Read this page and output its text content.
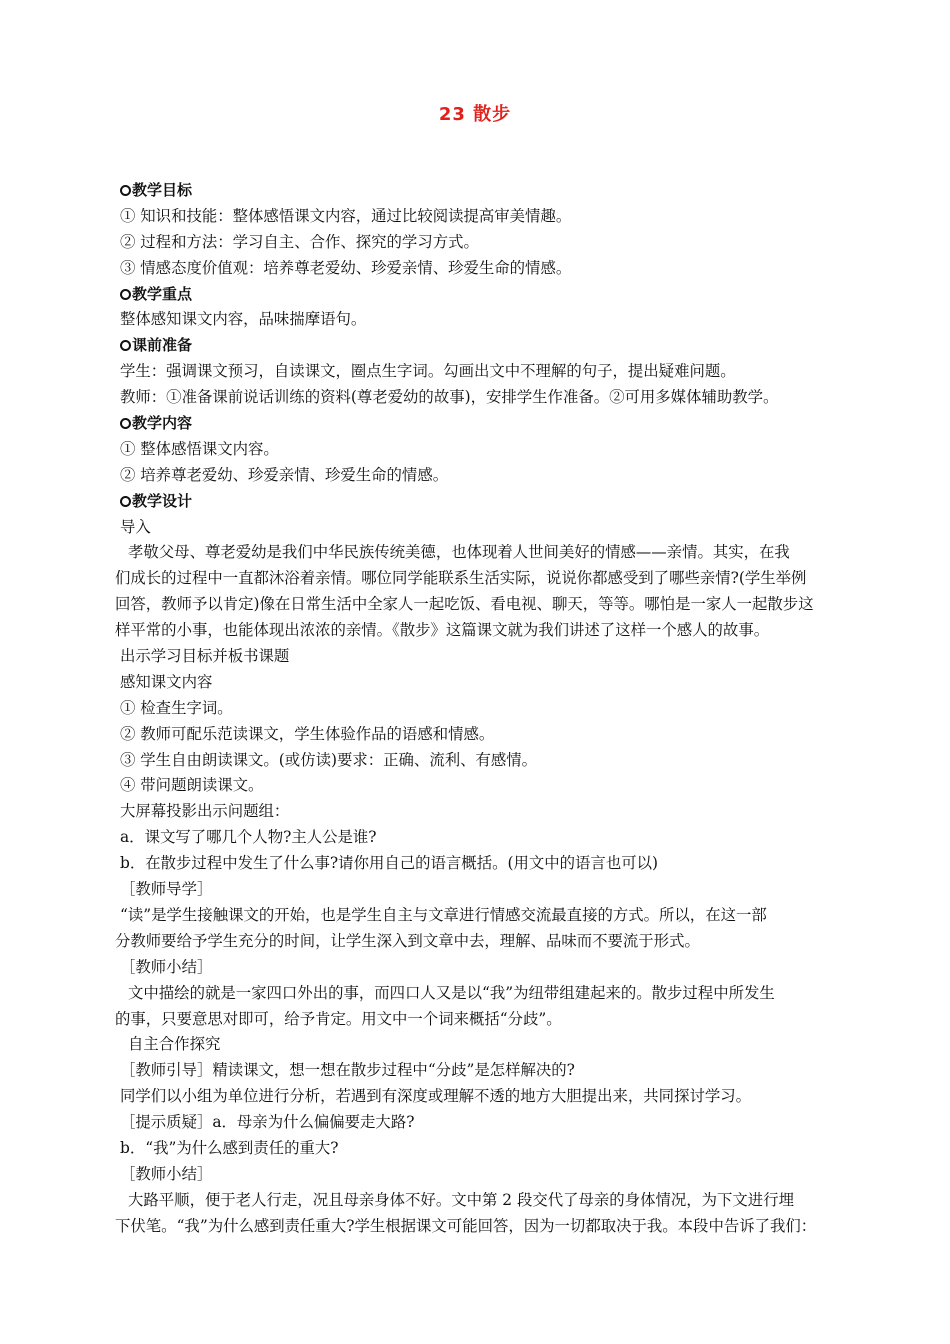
23 散步
教学目标
① 知识和技能：整体感悟课文内容，通过比较阅读提高审美情趣。
② 过程和方法：学习自主、合作、探究的学习方式。
③ 情感态度价值观：培养尊老爱幼、珍爱亲情、珍爱生命的情感。
教学重点
整体感知课文内容，品味揣摩语句。
课前准备
学生：强调课文预习，自读课文，圈点生字词。勾画出文中不理解的句子，提出疑难问题。
教师：①准备课前说话训练的资料(尊老爱幼的故事)，安排学生作准备。②可用多媒体辅助教学。
教学内容
① 整体感悟课文内容。
② 培养尊老爱幼、珍爱亲情、珍爱生命的情感。
教学设计
导入
孝敬父母、尊老爱幼是我们中华民族传统美德，也体现着人世间美好的情感——亲情。其实，在我
们成长的过程中一直都沐浴着亲情。哪位同学能联系生活实际，说说你都感受到了哪些亲情?(学生举例
回答，教师予以肯定)像在日常生活中全家人一起吃饭、看电视、聊天，等等。哪怕是一家人一起散步这
样平常的小事，也能体现出浓浓的亲情。《散步》这篇课文就为我们讲述了这样一个感人的故事。
出示学习目标并板书课题
感知课文内容
① 检查生字词。
② 教师可配乐范读课文，学生体验作品的语感和情感。
③ 学生自由朗读课文。(或仿读)要求：正确、流利、有感情。
④ 带问题朗读课文。
大屏幕投影出示问题组：
a．课文写了哪几个人物?主人公是谁?
b．在散步过程中发生了什么事?请你用自己的语言概括。(用文中的语言也可以)
［教师导学］
“读”是学生接触课文的开始，也是学生自主与文章进行情感交流最直接的方式。所以，在这一部
分教师要给予学生充分的时间，让学生深入到文章中去，理解、品味而不要流于形式。
［教师小结］
文中描绘的就是一家四口外出的事，而四口人又是以“我”为纽带组建起来的。散步过程中所发生
的事，只要意思对即可，给予肯定。用文中一个词来概括“分歧”。
自主合作探究
［教师引导］精读课文，想一想在散步过程中“分歧”是怎样解决的?
同学们以小组为单位进行分析，若遇到有深度或理解不透的地方大胆提出来，共同探讨学习。
［提示质疑］a．母亲为什么偏偏要走大路?
b．“我”为什么感到责任的重大?
［教师小结］
大路平顺，便于老人行走，况且母亲身体不好。文中第 2 段交代了母亲的身体情况，为下文进行埋
下伏笔。“我”为什么感到责任重大?学生根据课文可能回答，因为一切都取决于我。本段中告诉了我们：
